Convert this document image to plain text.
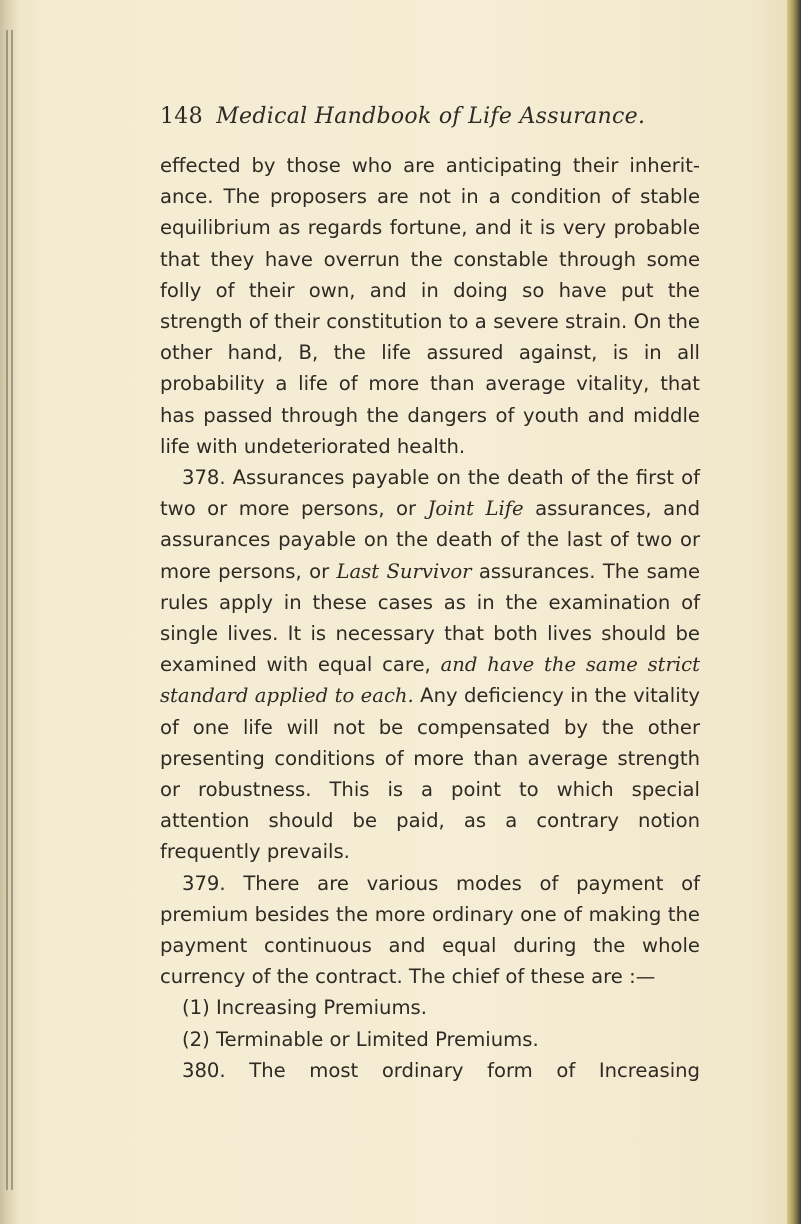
148 Medical Handbook of Life Assurance.

effected by those who are anticipating their inherit-ance. The proposers are not in a condition of stable equilibrium as regards fortune, and it is very probable that they have overrun the constable through some folly of their own, and in doing so have put the strength of their constitution to a severe strain. On the other hand, B, the life assured against, is in all probability a life of more than average vitality, that has passed through the dangers of youth and middle life with undeteriorated health.

378. Assurances payable on the death of the first of two or more persons, or Joint Life assurances, and assurances payable on the death of the last of two or more persons, or Last Survivor assurances. The same rules apply in these cases as in the examination of single lives. It is necessary that both lives should be examined with equal care, and have the same strict standard applied to each. Any deficiency in the vitality of one life will not be compensated by the other presenting conditions of more than average strength or robustness. This is a point to which special attention should be paid, as a contrary notion frequently prevails.

379. There are various modes of payment of premium besides the more ordinary one of making the payment continuous and equal during the whole currency of the contract. The chief of these are :—

(1) Increasing Premiums.

(2) Terminable or Limited Premiums.

380. The most ordinary form of Increasing
